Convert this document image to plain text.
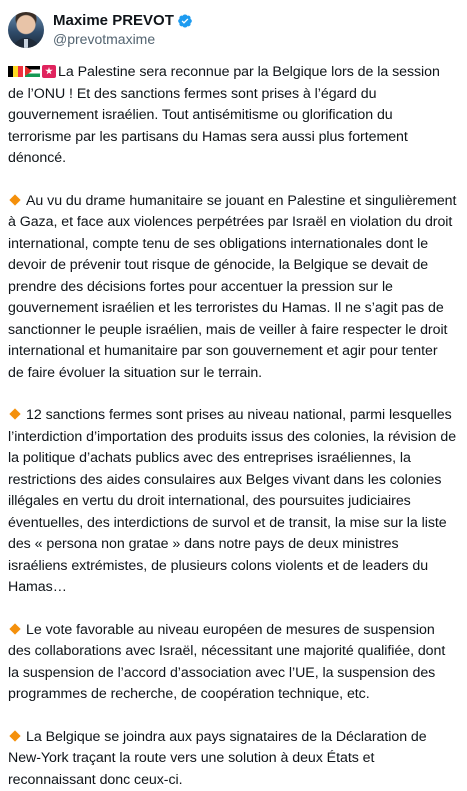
Maxime PREVOT
@prevotmaxime

La Palestine sera reconnue par la Belgique lors de la session de l’ONU ! Et des sanctions fermes sont prises à l’égard du gouvernement israélien. Tout antisémitisme ou glorification du terrorisme par les partisans du Hamas sera aussi plus fortement dénoncé.

Au vu du drame humanitaire se jouant en Palestine et singulièrement à Gaza, et face aux violences perpétrées par Israël en violation du droit international, compte tenu de ses obligations internationales dont le devoir de prévenir tout risque de génocide, la Belgique se devait de prendre des décisions fortes pour accentuer la pression sur le gouvernement israélien et les terroristes du Hamas. Il ne s’agit pas de sanctionner le peuple israélien, mais de veiller à faire respecter le droit international et humanitaire par son gouvernement et agir pour tenter de faire évoluer la situation sur le terrain.

12 sanctions fermes sont prises au niveau national, parmi lesquelles l’interdiction d’importation des produits issus des colonies, la révision de la politique d’achats publics avec des entreprises israéliennes, la restrictions des aides consulaires aux Belges vivant dans les colonies illégales en vertu du droit international, des poursuites judiciaires éventuelles, des interdictions de survol et de transit, la mise sur la liste des « persona non gratae » dans notre pays de deux ministres israéliens extrémistes, de plusieurs colons violents et de leaders du Hamas…

Le vote favorable au niveau européen de mesures de suspension des collaborations avec Israël, nécessitant une majorité qualifiée, dont la suspension de l’accord d’association avec l’UE, la suspension des programmes de recherche, de coopération technique, etc.

La Belgique se joindra aux pays signataires de la Déclaration de New-York traçant la route vers une solution à deux États et reconnaissant donc ceux-ci.
